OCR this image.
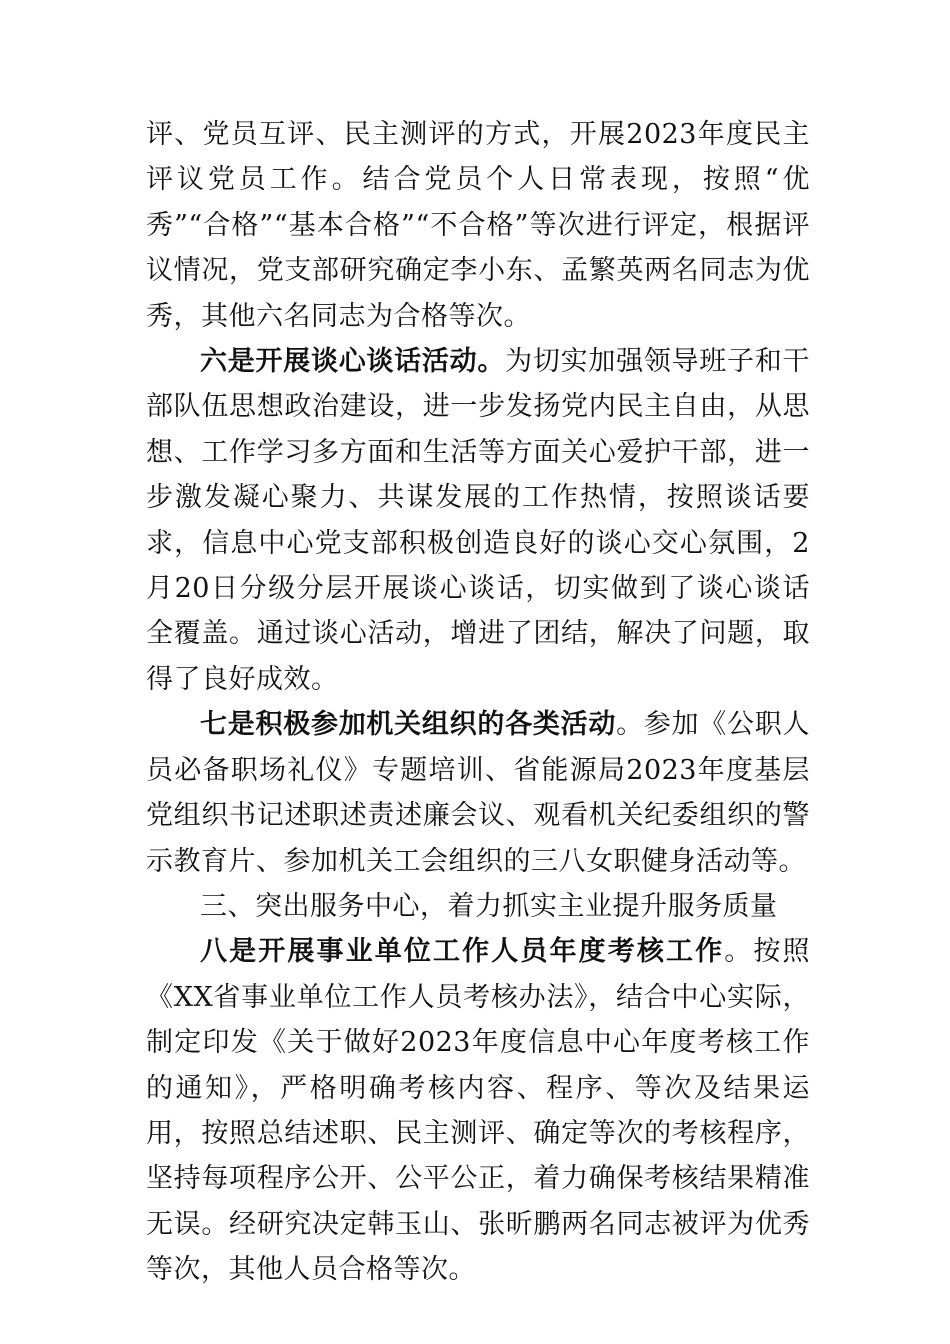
评、党员互评、民主测评的方式，开展2023年度民主评议党员工作。结合党员个人日常表现，按照“优秀”“合格”“基本合格”“不合格”等次进行评定，根据评议情况，党支部研究确定李小东、孟繁英两名同志为优秀，其他六名同志为合格等次。

六是开展谈心谈话活动。为切实加强领导班子和干部队伍思想政治建设，进一步发扬党内民主自由，从思想、工作学习多方面和生活等方面关心爱护干部，进一步激发凝心聚力、共谋发展的工作热情，按照谈话要求，信息中心党支部积极创造良好的谈心交心氛围，2月20日分级分层开展谈心谈话，切实做到了谈心谈话全覆盖。通过谈心活动，增进了团结，解决了问题，取得了良好成效。

七是积极参加机关组织的各类活动。参加《公职人员必备职场礼仪》专题培训、省能源局2023年度基层党组织书记述职述责述廉会议、观看机关纪委组织的警示教育片、参加机关工会组织的三八女职健身活动等。

三、突出服务中心，着力抓实主业提升服务质量

八是开展事业单位工作人员年度考核工作。按照《XX省事业单位工作人员考核办法》，结合中心实际，制定印发《关于做好2023年度信息中心年度考核工作的通知》，严格明确考核内容、程序、等次及结果运用，按照总结述职、民主测评、确定等次的考核程序，坚持每项程序公开、公平公正，着力确保考核结果精准无误。经研究决定韩玉山、张昕鹏两名同志被评为优秀等次，其他人员合格等次。
